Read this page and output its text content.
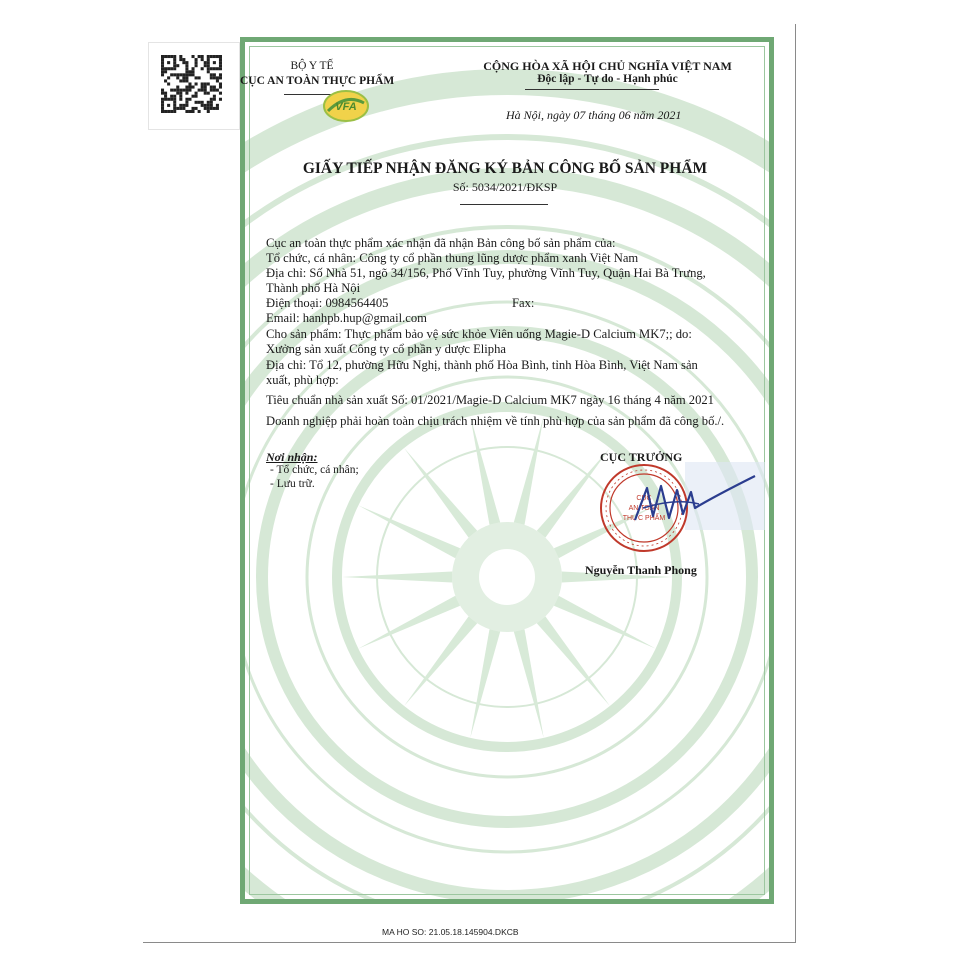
BỘ Y TẾ
CỤC AN TOÀN THỰC PHẨM
VFA
CỘNG HÒA XÃ HỘI CHỦ NGHĨA VIỆT NAM
Độc lập - Tự do - Hạnh phúc
Hà Nội, ngày 07 tháng 06 năm 2021
GIẤY TIẾP NHẬN ĐĂNG KÝ BẢN CÔNG BỐ SẢN PHẨM
Số: 5034/2021/ĐKSP
Cục an toàn thực phẩm xác nhận đã nhận Bản công bố sản phẩm của:
Tổ chức, cá nhân: Công ty cổ phần thung lũng dược phẩm xanh Việt Nam
Địa chỉ: Số Nhà 51, ngõ 34/156, Phố Vĩnh Tuy, phường Vĩnh Tuy, Quận Hai Bà Trưng,
Thành phố Hà Nội
Điện thoại: 0984564405	Fax:
Email: hanhpb.hup@gmail.com
Cho sản phẩm: Thực phẩm bảo vệ sức khỏe Viên uống Magie-D Calcium MK7;; do:
Xưởng sản xuất Công ty cổ phần y dược Elipha
Địa chỉ: Tổ 12, phường Hữu Nghị, thành phố Hòa Bình, tỉnh Hòa Bình, Việt Nam sản
xuất, phù hợp:
Tiêu chuẩn nhà sản xuất Số: 01/2021/Magie-D Calcium MK7 ngày 16 tháng 4 năm 2021
Doanh nghiệp phải hoàn toàn chịu trách nhiệm về tính phù hợp của sản phẩm đã công bố./.
Nơi nhận:
- Tổ chức, cá nhân;
- Lưu trữ.
CỤC TRƯỞNG
CỤC
AN TOÀN
THỰC PHẨM
Nguyễn Thanh Phong
MA HO SO: 21.05.18.145904.DKCB
